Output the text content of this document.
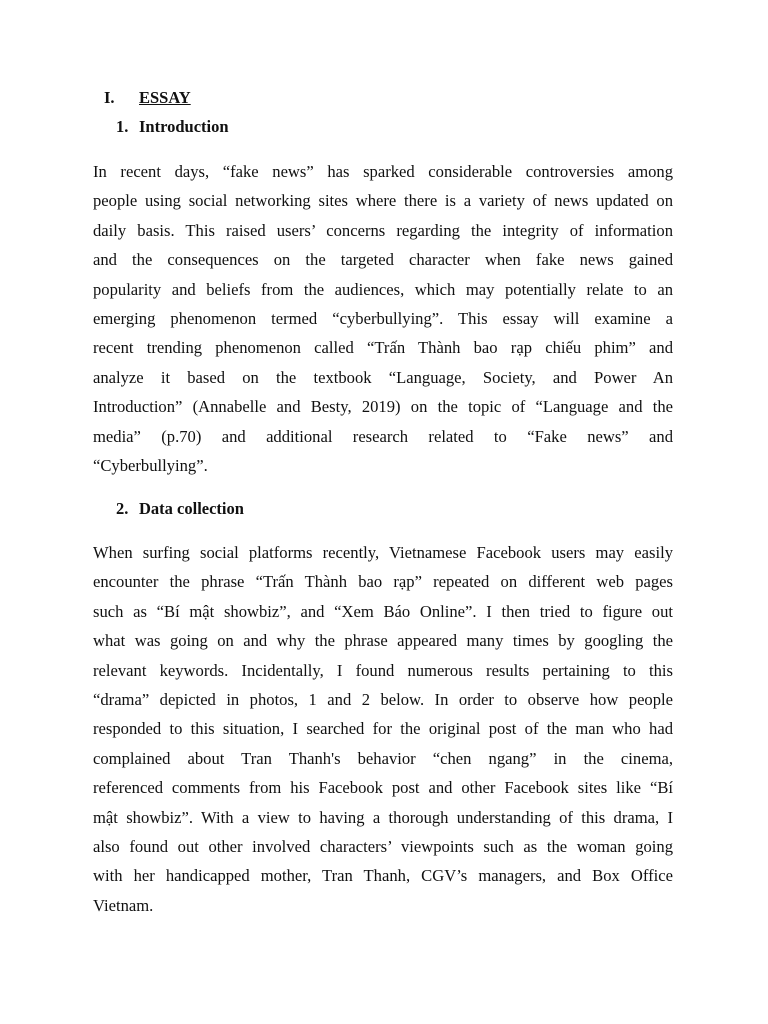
I. ESSAY
1. Introduction

In recent days, “fake news” has sparked considerable controversies among
people using social networking sites where there is a variety of news updated on
daily basis. This raised users’ concerns regarding the integrity of information
and the consequences on the targeted character when fake news gained
popularity and beliefs from the audiences, which may potentially relate to an
emerging phenomenon termed “cyberbullying”. This essay will examine a
recent trending phenomenon called “Trấn Thành bao rạp chiếu phim” and
analyze it based on the textbook “Language, Society, and Power An
Introduction” (Annabelle and Besty, 2019) on the topic of “Language and the
media” (p.70) and additional research related to “Fake news” and
“Cyberbullying”.

2. Data collection

When surfing social platforms recently, Vietnamese Facebook users may easily
encounter the phrase “Trấn Thành bao rạp” repeated on different web pages
such as “Bí mật showbiz”, and “Xem Báo Online”. I then tried to figure out
what was going on and why the phrase appeared many times by googling the
relevant keywords. Incidentally, I found numerous results pertaining to this
“drama” depicted in photos, 1 and 2 below. In order to observe how people
responded to this situation, I searched for the original post of the man who had
complained about Tran Thanh's behavior “chen ngang” in the cinema,
referenced comments from his Facebook post and other Facebook sites like “Bí
mật showbiz”. With a view to having a thorough understanding of this drama, I
also found out other involved characters’ viewpoints such as the woman going
with her handicapped mother, Tran Thanh, CGV’s managers, and Box Office
Vietnam.
